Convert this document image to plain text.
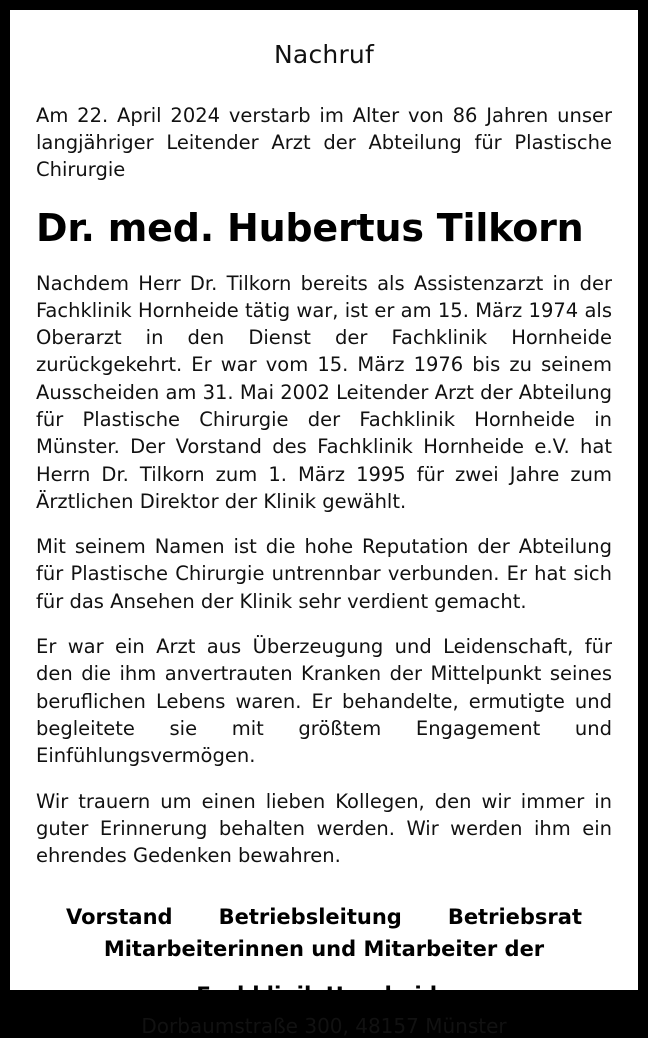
Nachruf
Am 22. April 2024 verstarb im Alter von 86 Jahren unser langjähriger Leitender Arzt der Abteilung für Plastische Chirurgie
Dr. med. Hubertus Tilkorn
Nachdem Herr Dr. Tilkorn bereits als Assistenzarzt in der Fachklinik Hornheide tätig war, ist er am 15. März 1974 als Oberarzt in den Dienst der Fachklinik Hornheide zurückgekehrt. Er war vom 15. März 1976 bis zu seinem Ausscheiden am 31. Mai 2002 Leitender Arzt der Abteilung für Plastische Chirurgie der Fachklinik Hornheide in Münster. Der Vorstand des Fachklinik Hornheide e.V. hat Herrn Dr. Tilkorn zum 1. März 1995 für zwei Jahre zum Ärztlichen Direktor der Klinik gewählt.
Mit seinem Namen ist die hohe Reputation der Abteilung für Plastische Chirurgie untrennbar verbunden. Er hat sich für das Ansehen der Klinik sehr verdient gemacht.
Er war ein Arzt aus Überzeugung und Leidenschaft, für den die ihm anvertrauten Kranken der Mittelpunkt seines beruflichen Lebens waren. Er behandelte, ermutigte und begleitete sie mit größtem Engagement und Einfühlungsvermögen.
Wir trauern um einen lieben Kollegen, den wir immer in guter Erinnerung behalten werden. Wir werden ihm ein ehrendes Gedenken bewahren.
Vorstand Betriebsleitung Betriebsrat
Mitarbeiterinnen und Mitarbeiter der
Fachklinik Hornheide
Dorbaumstraße 300, 48157 Münster
